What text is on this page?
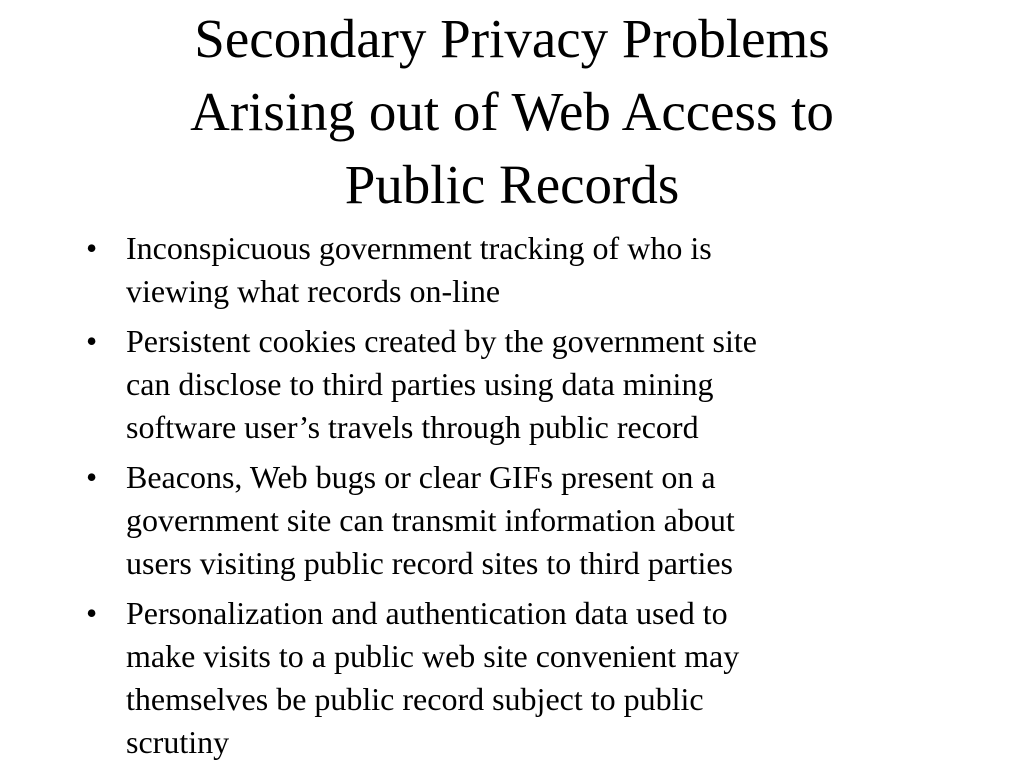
Secondary Privacy Problems
Arising out of Web Access to
Public Records
• Inconspicuous government tracking of who is
viewing what records on-line
• Persistent cookies created by the government site
can disclose to third parties using data mining
software user’s travels through public record
• Beacons, Web bugs or clear GIFs present on a
government site can transmit information about
users visiting public record sites to third parties
• Personalization and authentication data used to
make visits to a public web site convenient may
themselves be public record subject to public
scrutiny
